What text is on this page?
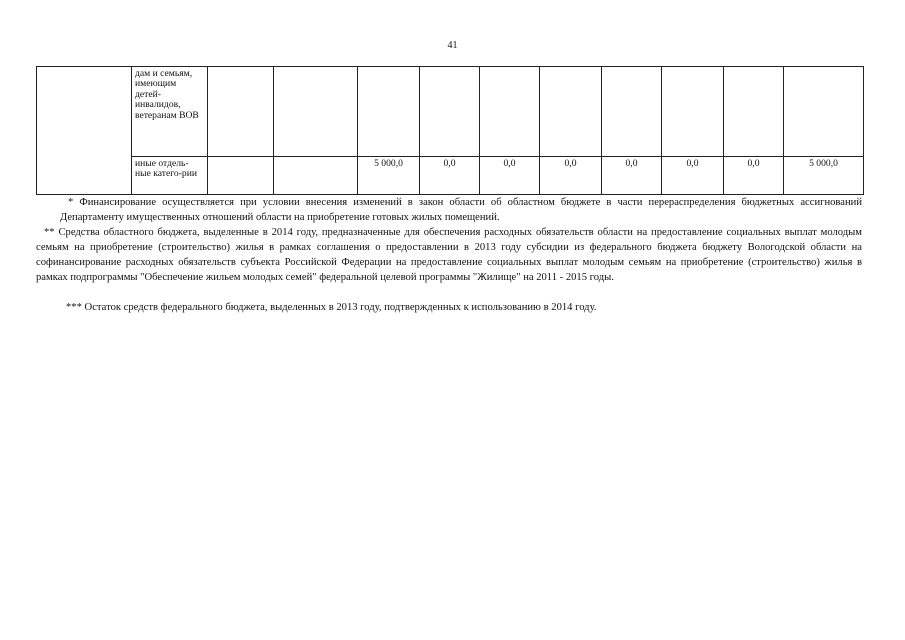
41
	дам и семьям, имеющим детей-инвалидов, ветеранам ВОВ										
	иные отдель-ные катего-рии			5 000,0	0,0	0,0	0,0	0,0	0,0	0,0	5 000,0
* Финансирование осуществляется при условии внесения изменений в закон области об областном бюджете в части перераспределения бюджетных ассигнований Департаменту имущественных отношений области на приобретение готовых жилых помещений.
** Средства областного бюджета, выделенные в 2014 году, предназначенные для обеспечения расходных обязательств области на предоставление социальных выплат молодым семьям на приобретение (строительство) жилья в рамках соглашения о предоставлении в 2013 году субсидии из федерального бюджета бюджету Вологодской области на софинансирование расходных обязательств субъекта Российской Федерации на предоставление социальных выплат молодым семьям на приобретение (строительство) жилья в рамках подпрограммы "Обеспечение жильем молодых семей" федеральной целевой программы "Жилище" на 2011 - 2015 годы.
*** Остаток средств федерального бюджета, выделенных в 2013 году, подтвержденных к использованию в 2014 году.
